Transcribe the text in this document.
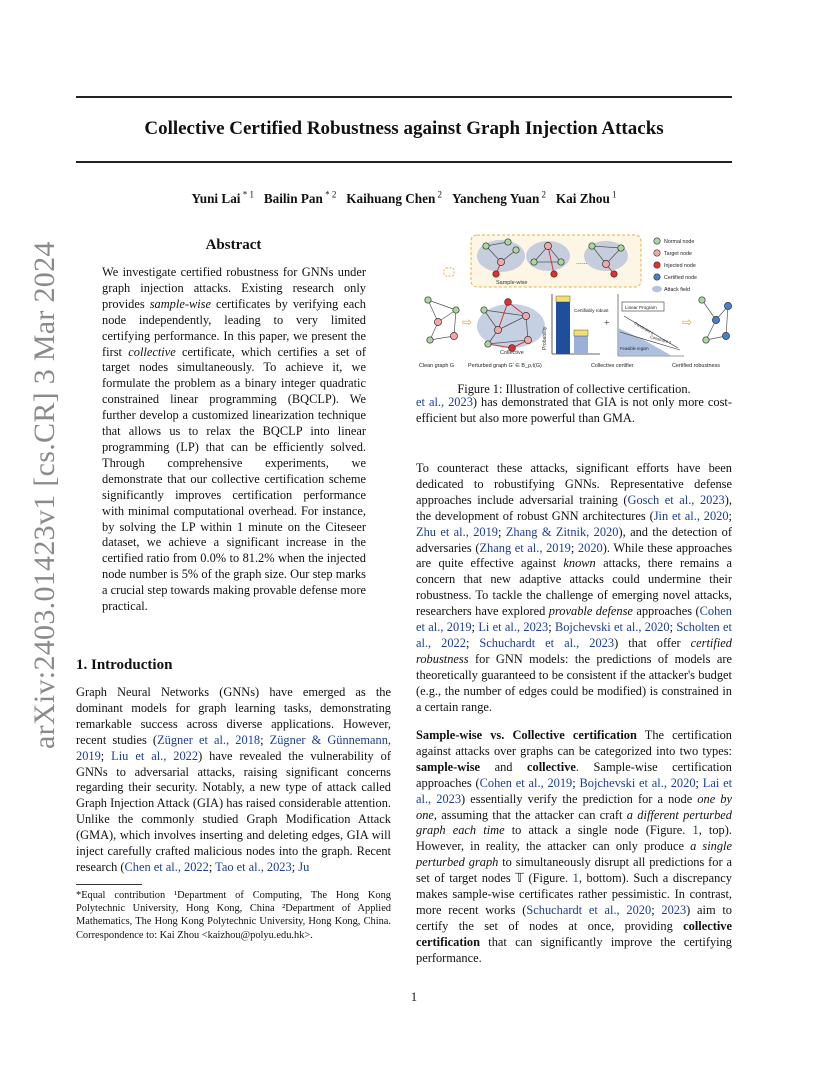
Collective Certified Robustness against Graph Injection Attacks
Yuni Lai $^{* 1}$ Bailin Pan $^{* 2}$ Kaihuang Chen $^2$ Yancheng Yuan $^2$ Kai Zhou $^1$
arXiv:2403.01423v1 [cs.CR] 3 Mar 2024	Abstract
We investigate certified robustness for GNNs under graph injection attacks. Existing research only provides sample-wise certificates by verifying each node independently, leading to very limited certifying performance. In this paper, we present the first collective certificate, which certifies a set of target nodes simultaneously. To achieve it, we formulate the problem as a binary integer quadratic constrained linear programming (BQCLP). We further develop a customized linearization technique that allows us to relax the BQCLP into linear programming (LP) that can be efficiently solved. Through comprehensive experiments, we demonstrate that our collective certification scheme significantly improves certification performance with minimal computational overhead. For instance, by solving the LP within 1 minute on the Citeseer dataset, we achieve a significant increase in the certified ratio from 0.0% to 81.2% when the injected node number is 5% of the graph size. Our step marks a crucial step towards making provable defense more practical.
1. Introduction
Graph Neural Networks (GNNs) have emerged as the dominant models for graph learning tasks, demonstrating remarkable success across diverse applications. However, recent studies (Zügner et al., 2018; Zügner & Günnemann, 2019; Liu et al., 2022) have revealed the vulnerability of GNNs to adversarial attacks, raising significant concerns regarding their security. Notably, a new type of attack called Graph Injection Attack (GIA) has raised considerable attention. Unlike the commonly studied Graph Modification Attack (GMA), which involves inserting and deleting edges, GIA will inject carefully crafted malicious nodes into the graph. Recent research (Chen et al., 2022; Tao et al., 2023; Ju

*Equal contribution ¹Department of Computing, The Hong Kong Polytechnic University, Hong Kong, China ²Department of Applied Mathematics, The Hong Kong Polytechnic University, Hong Kong, China. Correspondence to: Kai Zhou <kaizhou@polyu.edu.hk>.

......
Sample-wise
Normal node
Target node
Injected node
Certified node
Attack field
⇨
Collective
Probability
Certifiably robust
+
Linear Program
Feasible region
Constraint 1
Constraint 2
⇨
Clean graph G	Perturbed graph G' ∈ B_ρ,t(G)	Collective certifier	Certified robustness
Figure 1: Illustration of collective certification.
et al., 2023) has demonstrated that GIA is not only more cost-efficient but also more powerful than GMA.
To counteract these attacks, significant efforts have been dedicated to robustifying GNNs. Representative defense approaches include adversarial training (Gosch et al., 2023), the development of robust GNN architectures (Jin et al., 2020; Zhu et al., 2019; Zhang & Zitnik, 2020), and the detection of adversaries (Zhang et al., 2019; 2020). While these approaches are quite effective against known attacks, there remains a concern that new adaptive attacks could undermine their robustness. To tackle the challenge of emerging novel attacks, researchers have explored provable defense approaches (Cohen et al., 2019; Li et al., 2023; Bojchevski et al., 2020; Scholten et al., 2022; Schuchardt et al., 2023) that offer certified robustness for GNN models: the predictions of models are theoretically guaranteed to be consistent if the attacker's budget (e.g., the number of edges could be modified) is constrained in a certain range.
Sample-wise vs. Collective certification The certification against attacks over graphs can be categorized into two types: sample-wise and collective. Sample-wise certification approaches (Cohen et al., 2019; Bojchevski et al., 2020; Lai et al., 2023) essentially verify the prediction for a node one by one, assuming that the attacker can craft a different perturbed graph each time to attack a single node (Figure. 1, top). However, in reality, the attacker can only produce a single perturbed graph to simultaneously disrupt all predictions for a set of target nodes 𝕋 (Figure. 1, bottom). Such a discrepancy makes sample-wise certificates rather pessimistic. In contrast, more recent works (Schuchardt et al., 2020; 2023) aim to certify the set of nodes at once, providing collective certification that can significantly improve the certifying performance.
1
